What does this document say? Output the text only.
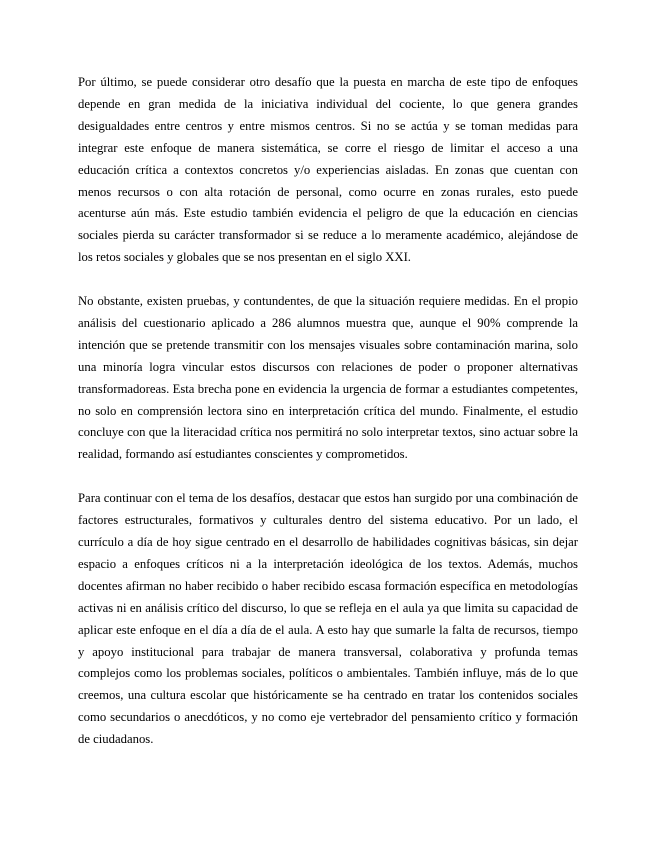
Por último, se puede considerar otro desafío que la puesta en marcha de este tipo de enfoques depende en gran medida de la iniciativa individual del cociente, lo que genera grandes desigualdades entre centros y entre mismos centros. Si no se actúa y se toman medidas para integrar este enfoque de manera sistemática, se corre el riesgo de limitar el acceso a una educación crítica a contextos concretos y/o experiencias aisladas. En zonas que cuentan con menos recursos o con alta rotación de personal, como ocurre en zonas rurales, esto puede acenturse aún más. Este estudio también evidencia el peligro de que la educación en ciencias sociales pierda su carácter transformador si se reduce a lo meramente académico, alejándose de los retos sociales y globales que se nos presentan en el siglo XXI.

No obstante, existen pruebas, y contundentes, de que la situación requiere medidas. En el propio análisis del cuestionario aplicado a 286 alumnos muestra que, aunque el 90% comprende la intención que se pretende transmitir con los mensajes visuales sobre contaminación marina, solo una minoría logra vincular estos discursos con relaciones de poder o proponer alternativas transformadoreas. Esta brecha pone en evidencia la urgencia de formar a estudiantes competentes, no solo en comprensión lectora sino en interpretación crítica del mundo. Finalmente, el estudio concluye con que la literacidad crítica nos permitirá no solo interpretar textos, sino actuar sobre la realidad, formando así estudiantes conscientes y comprometidos.

Para continuar con el tema de los desafíos, destacar que estos han surgido por una combinación de factores estructurales, formativos y culturales dentro del sistema educativo. Por un lado, el currículo a día de hoy sigue centrado en el desarrollo de habilidades cognitivas básicas, sin dejar espacio a enfoques críticos ni a la interpretación ideológica de los textos. Además, muchos docentes afirman no haber recibido o haber recibido escasa formación específica en metodologías activas ni en análisis crítico del discurso, lo que se refleja en el aula ya que limita su capacidad de aplicar este enfoque en el día a día de el aula. A esto hay que sumarle la falta de recursos, tiempo y apoyo institucional para trabajar de manera transversal, colaborativa y profunda temas complejos como los problemas sociales, políticos o ambientales. También influye, más de lo que creemos, una cultura escolar que históricamente se ha centrado en tratar los contenidos sociales como secundarios o anecdóticos, y no como eje vertebrador del pensamiento crítico y formación de ciudadanos.
